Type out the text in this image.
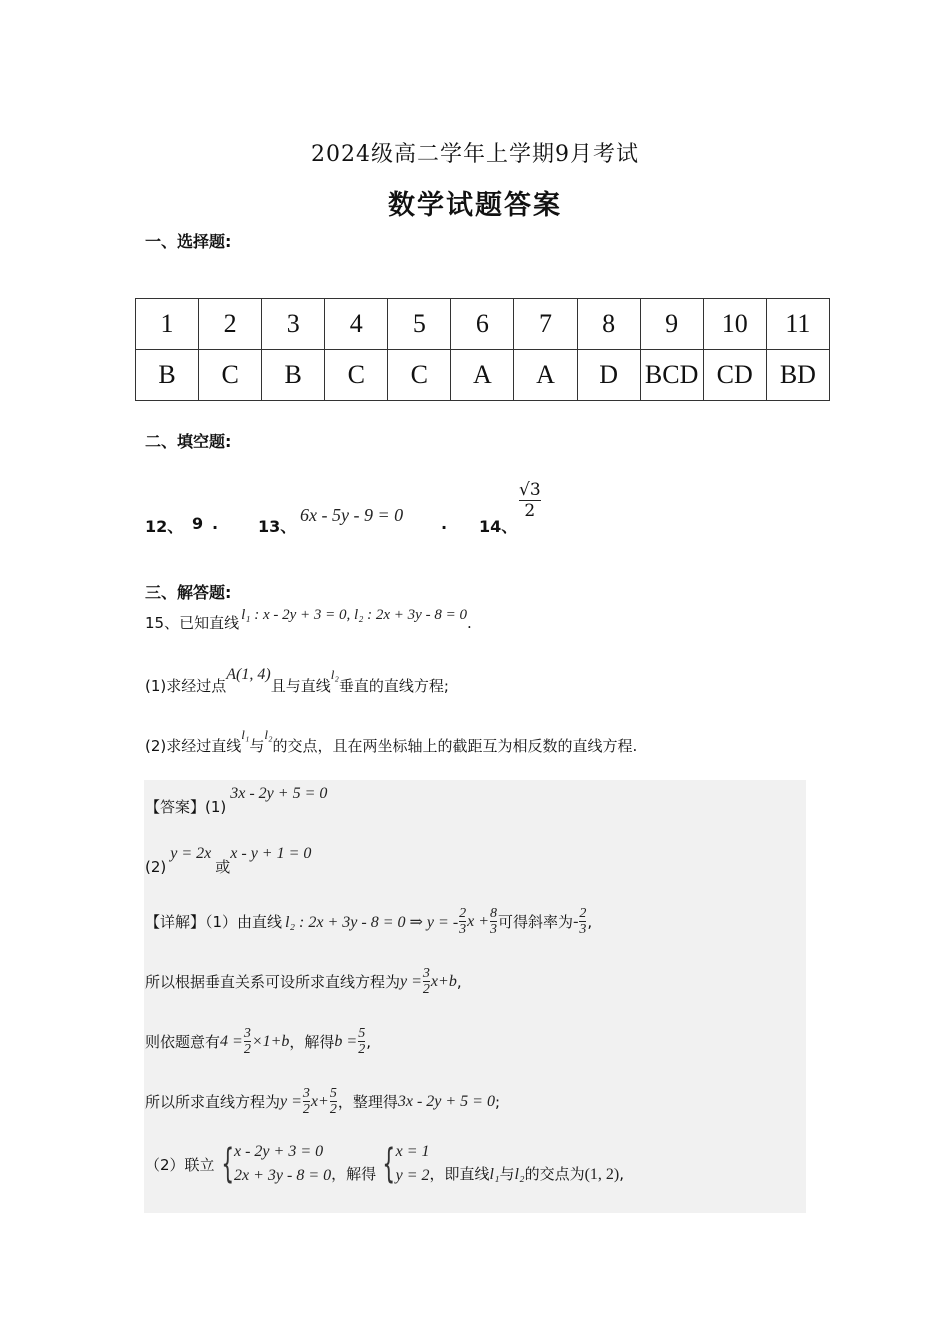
2024级高二学年上学期9月考试
数学试题答案
一、选择题:
1	2	3	4	5	6	7	8	9	10	11
B	C	B	C	C	A	A	D	BCD	CD	BD
二、填空题:
12、 9 . 13、
6x - 5y - 9 = 0 . 14、
$\frac{√3}{2}$
三、解答题:
15、已知直线 l₁ : x - 2y + 3 = 0, l₂ : 2x + 3y - 8 = 0.
(1)求经过点A(1, 4)且与直线$^{l_2}$垂直的直线方程;
(2)求经过直线$^{l_1}$与$^{l_2}$的交点，且在两坐标轴上的截距互为相反数的直线方程.
【答案】(1)3x - 2y + 5 = 0
(2)y = 2x或x - y + 1 = 0
【详解】（1）由直线 l₂ : 2x + 3y - 8 = 0 ⇒ y = - $\frac{2}{3}$ $x + \frac{8}{3}$ 可得斜率为 - $\frac{2}{3}$ ,
所以根据垂直关系可设所求直线方程为 $y = \frac{3}{2} x+b$ ,
则依题意有 $4 = \frac{3}{2} \times 1+b$ ，解得 $b = \frac{5}{2}$ ,
所以所求直线方程为 $y = \frac{3}{2} x+ \frac{5}{2}$ ，整理得 3x - 2y + 5 = 0 ;
（2）联立 { x - 2y + 3 = 0
2x + 3y - 8 = 0 ，解得 { x = 1
y = 2 ，即直线l₁与l₂的交点为(1, 2),
